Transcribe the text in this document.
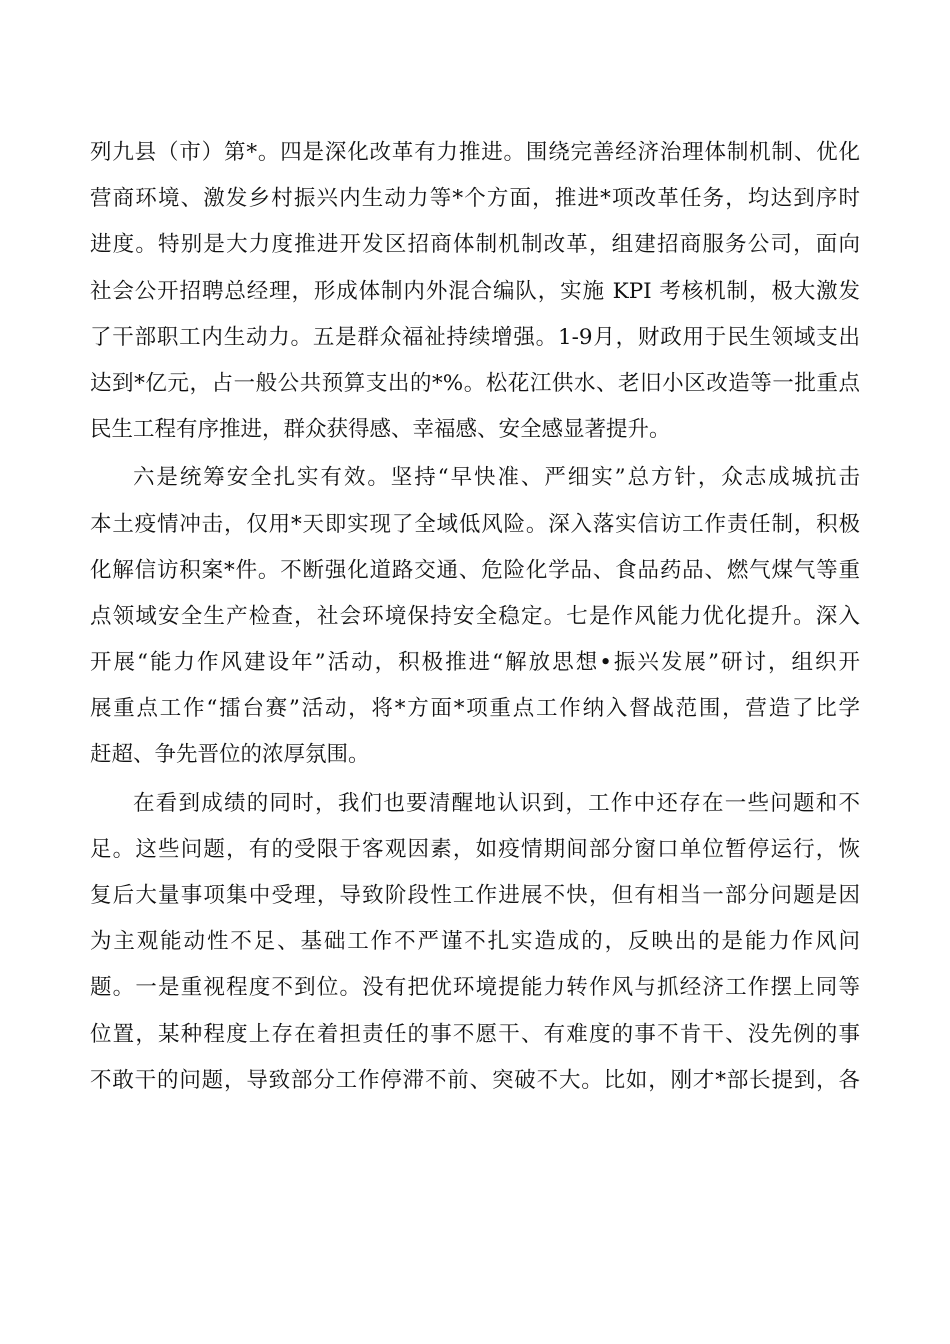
列九县（市）第*。四是深化改革有力推进。围绕完善经济治理体制机制、优化
营商环境、激发乡村振兴内生动力等*个方面，推进*项改革任务，均达到序时
进度。特别是大力度推进开发区招商体制机制改革，组建招商服务公司，面向
社会公开招聘总经理，形成体制内外混合编队，实施 KPI 考核机制，极大激发
了干部职工内生动力。五是群众福祉持续增强。1-9月，财政用于民生领域支出
达到*亿元，占一般公共预算支出的*%。松花江供水、老旧小区改造等一批重点
民生工程有序推进，群众获得感、幸福感、安全感显著提升。
六是统筹安全扎实有效。坚持“早快准、严细实”总方针，众志成城抗击
本土疫情冲击，仅用*天即实现了全域低风险。深入落实信访工作责任制，积极
化解信访积案*件。不断强化道路交通、危险化学品、食品药品、燃气煤气等重
点领域安全生产检查，社会环境保持安全稳定。七是作风能力优化提升。深入
开展“能力作风建设年”活动，积极推进“解放思想•振兴发展”研讨，组织开
展重点工作“擂台赛”活动，将*方面*项重点工作纳入督战范围，营造了比学
赶超、争先晋位的浓厚氛围。
在看到成绩的同时，我们也要清醒地认识到，工作中还存在一些问题和不
足。这些问题，有的受限于客观因素，如疫情期间部分窗口单位暂停运行，恢
复后大量事项集中受理，导致阶段性工作进展不快，但有相当一部分问题是因
为主观能动性不足、基础工作不严谨不扎实造成的，反映出的是能力作风问
题。一是重视程度不到位。没有把优环境提能力转作风与抓经济工作摆上同等
位置，某种程度上存在着担责任的事不愿干、有难度的事不肯干、没先例的事
不敢干的问题，导致部分工作停滞不前、突破不大。比如，刚才*部长提到，各
